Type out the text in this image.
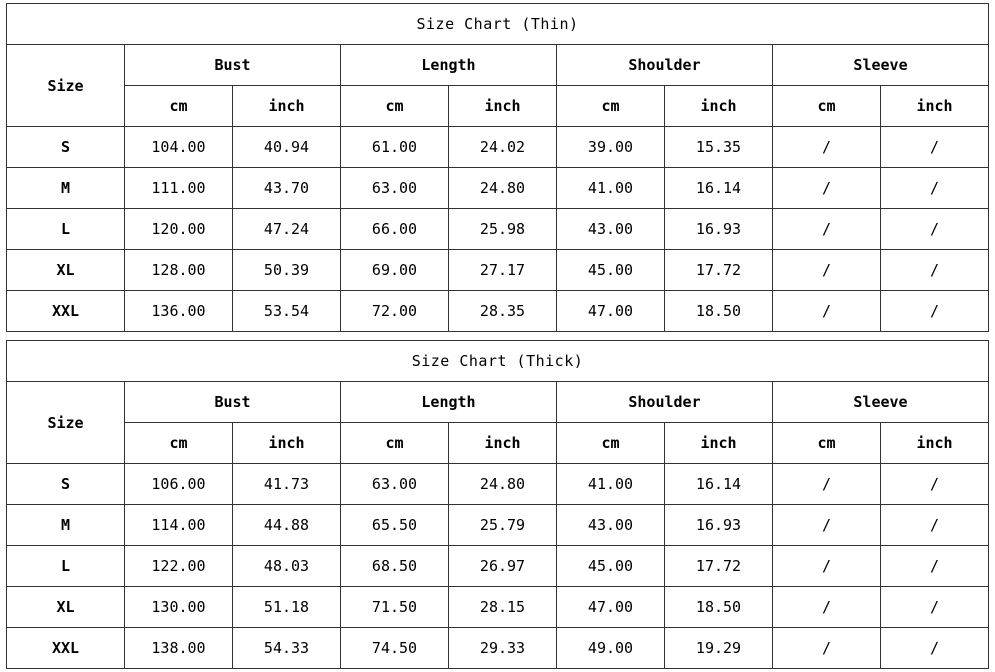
Size Chart (Thin)								
Size	Bust		Length		Shoulder		Sleeve	
	cm	inch	cm	inch	cm	inch	cm	inch
S	104.00	40.94	61.00	24.02	39.00	15.35	/	/
M	111.00	43.70	63.00	24.80	41.00	16.14	/	/
L	120.00	47.24	66.00	25.98	43.00	16.93	/	/
XL	128.00	50.39	69.00	27.17	45.00	17.72	/	/
XXL	136.00	53.54	72.00	28.35	47.00	18.50	/	/
Size Chart (Thick)								
Size	Bust		Length		Shoulder		Sleeve	
	cm	inch	cm	inch	cm	inch	cm	inch
S	106.00	41.73	63.00	24.80	41.00	16.14	/	/
M	114.00	44.88	65.50	25.79	43.00	16.93	/	/
L	122.00	48.03	68.50	26.97	45.00	17.72	/	/
XL	130.00	51.18	71.50	28.15	47.00	18.50	/	/
XXL	138.00	54.33	74.50	29.33	49.00	19.29	/	/
